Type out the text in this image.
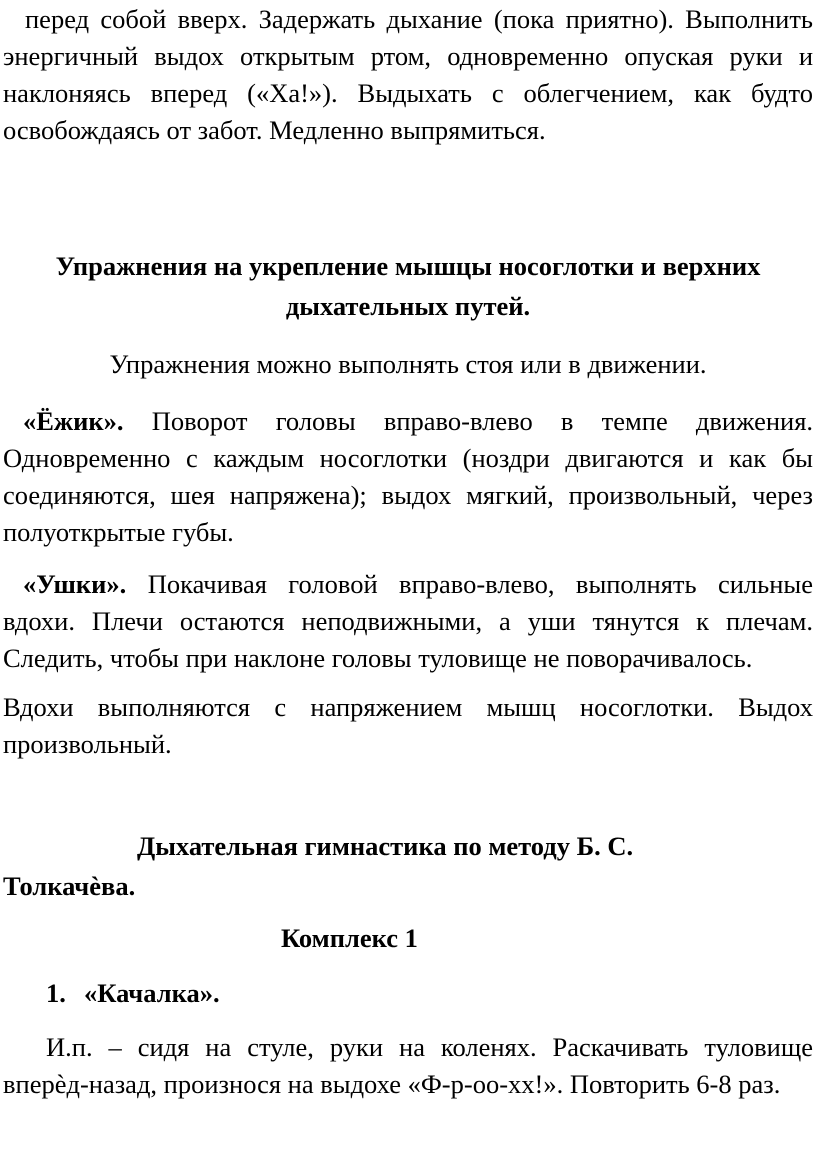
перед собой вверх. Задержать дыхание (пока приятно). Выполнить энергичный выдох открытым ртом, одновременно опуская руки и наклоняясь вперед («Ха!»). Выдыхать с облегчением, как будто освобождаясь от забот. Медленно выпрямиться.

Упражнения на укрепление мышцы носоглотки и верхних
дыхательных путей.

Упражнения можно выполнять стоя или в движении.

«Ёжик». Поворот головы вправо-влево в темпе движения. Одновременно с каждым носоглотки (ноздри двигаются и как бы соединяются, шея напряжена); выдох мягкий, произвольный, через полуоткрытые губы.

«Ушки». Покачивая головой вправо-влево, выполнять сильные вдохи. Плечи остаются неподвижными, а уши тянутся к плечам. Следить, чтобы при наклоне головы туловище не поворачивалось.

Вдохи выполняются с напряжением мышц носоглотки. Выдох произвольный.

Дыхательная гимнастика по методу Б. С.
Толкачѐва.

Комплекс 1

1. «Качалка».

И.п. – сидя на стуле, руки на коленях. Раскачивать туловище вперѐд-назад, произнося на выдохе «Ф-р-оо-хх!». Повторить 6-8 раз.
